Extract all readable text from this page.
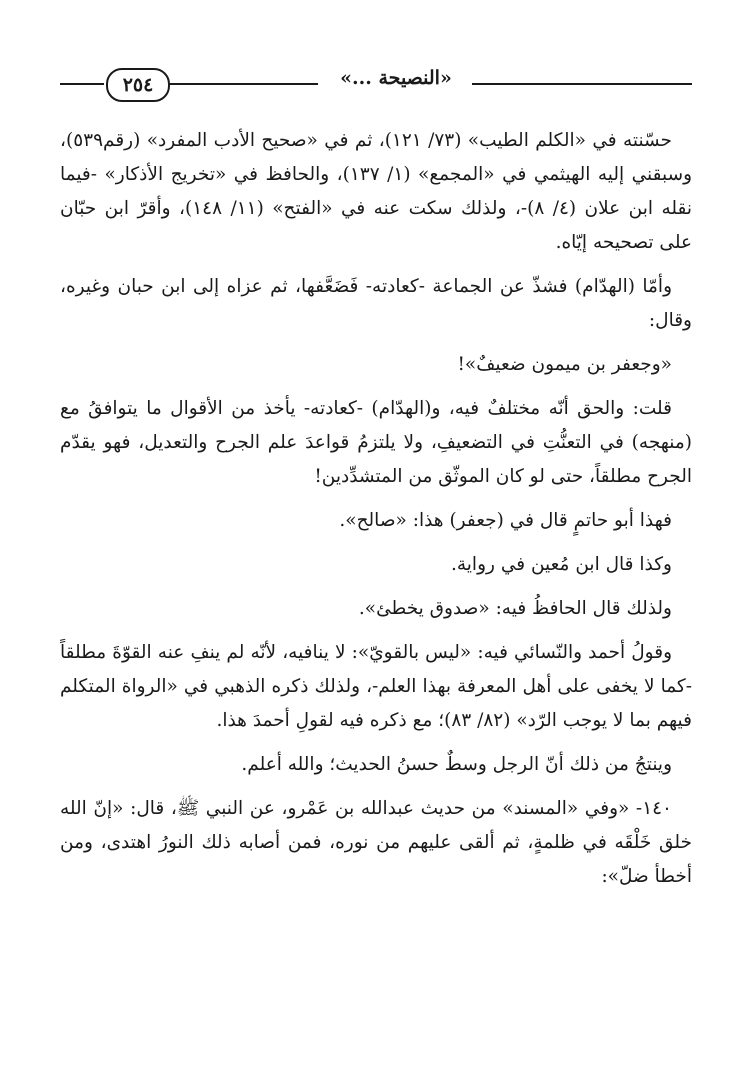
٢٥٤	«النصيحة ...»

حسّنته في «الكلم الطيب» (٧٣/ ١٢١)، ثم في «صحيح الأدب المفرد» (رقم٥٣٩)، وسبقني إليه الهيثمي في «المجمع» (١/ ١٣٧)، والحافظ في «تخريج الأذكار» -فيما نقله ابن علان (٤/ ٨)-، ولذلك سكت عنه في «الفتح» (١١/ ١٤٨)، وأقرّ ابن حبّان على تصحيحه إيّاه.

وأمّا (الهدّام) فشذّ عن الجماعة -كعادته- فَضَعَّفها، ثم عزاه إلى ابن حبان وغيره، وقال:

«وجعفر بن ميمون ضعيفٌ»!

قلت: والحق أنّه مختلفٌ فيه، و(الهدّام) -كعادته- يأخذ من الأقوال ما يتوافقُ مع (منهجه) في التعنُّتِ في التضعيفِ، ولا يلتزمُ قواعدَ علم الجرح والتعديل، فهو يقدّم الجرح مطلقاً، حتى لو كان الموثّق من المتشدِّدين!

فهذا أبو حاتمٍ قال في (جعفر) هذا: «صالح».

وكذا قال ابن مُعين في رواية.

ولذلك قال الحافظُ فيه: «صدوق يخطئ».

وقولُ أحمد والنّسائي فيه: «ليس بالقويّ»: لا ينافيه، لأنّه لم ينفِ عنه القوّةَ مطلقاً -كما لا يخفى على أهل المعرفة بهذا العلم-، ولذلك ذكره الذهبي في «الرواة المتكلم فيهم بما لا يوجب الرّد» (٨٢/ ٨٣)؛ مع ذكره فيه لقولِ أحمدَ هذا.

وينتجُ من ذلك أنّ الرجل وسطٌ حسنُ الحديث؛ والله أعلم.

١٤٠- «وفي «المسند» من حديث عبدالله بن عَمْرو، عن النبي ﷺ، قال: «إنّ الله خلق خَلْقَه في ظلمةٍ، ثم ألقى عليهم من نوره، فمن أصابه ذلك النورُ اهتدى، ومن أخطأ ضلّ»:
